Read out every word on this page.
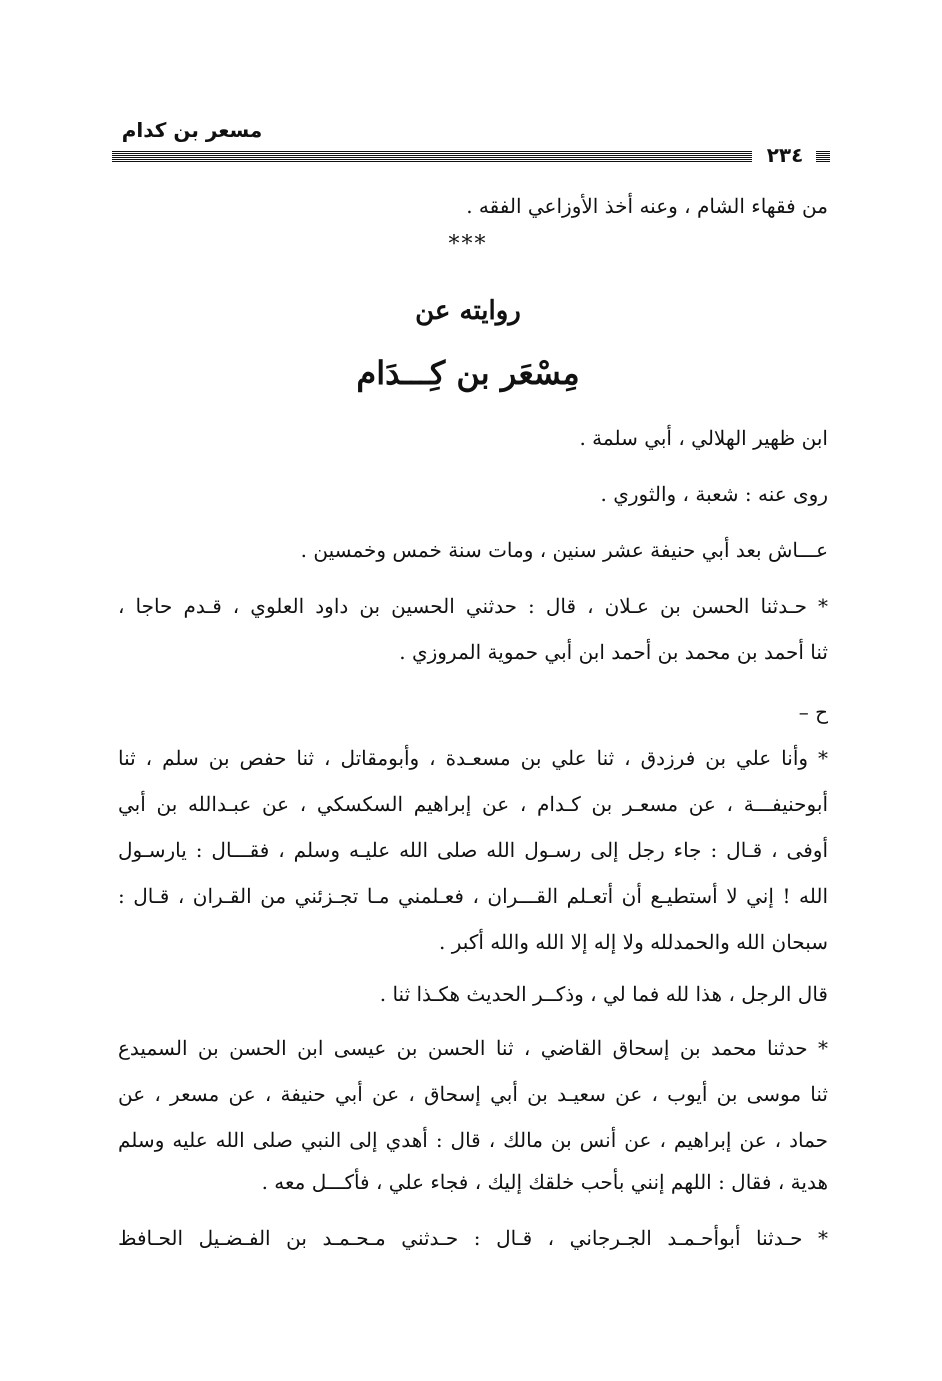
مسعر بن كدام
٢٣٤
من فقهاء الشام ، وعنه أخذ الأوزاعي الفقه .
***
روايته عن
مِسْعَر بن كِـــدَام
ابن ظهير الهلالي ، أبي سلمة .
روى عنه : شعبة ، والثوري .
عـــاش بعد أبي حنيفة عشر سنين ، ومات سنة خمس وخمسين .
* حـدثنا الحسن بن عـلان ، قال : حدثني الحسين بن داود العلوي ، قـدم حاجا ،
ثنا أحمد بن محمد بن أحمد ابن أبي حموية المروزي .
ح –
* وأنا علي بن فرزدق ، ثنا علي بن مسعـدة ، وأبومقاتل ، ثنا حفص بن سلم ، ثنا
أبوحنيفـــة ، عن مسعـر بن كـدام ، عن إبراهيم السكسكي ، عن عبـدالله بن أبي
أوفى ، قـال : جاء رجل إلى رسـول الله صلى الله عليـه وسلم ، فقـــال : يارسـول
الله ! إني لا أستطيـع أن أتعـلم القـــران ، فعـلمني مـا تجـزئني من القـران ، قـال :
سبحان الله والحمدلله ولا إله إلا الله والله أكبر .
قال الرجل ، هذا لله فما لي ، وذكــر الحديث هكـذا ثنا .
* حدثنا محمد بن إسحاق القاضي ، ثنا الحسن بن عيسى ابن الحسن بن السميدع
ثنا موسى بن أيوب ، عن سعيـد بن أبي إسحاق ، عن أبي حنيفة ، عن مسعر ، عن
حماد ، عن إبراهيم ، عن أنس بن مالك ، قال : أهدي إلى النبي صلى الله عليه وسلم
هدية ، فقال : اللهم إنني بأحب خلقك إليك ، فجاء علي ، فأكـــل معه .
* حـدثنا أبوأحـمـد الجـرجاني ، قـال : حـدثني مـحـمـد بن الفـضـيل الحـافظ
